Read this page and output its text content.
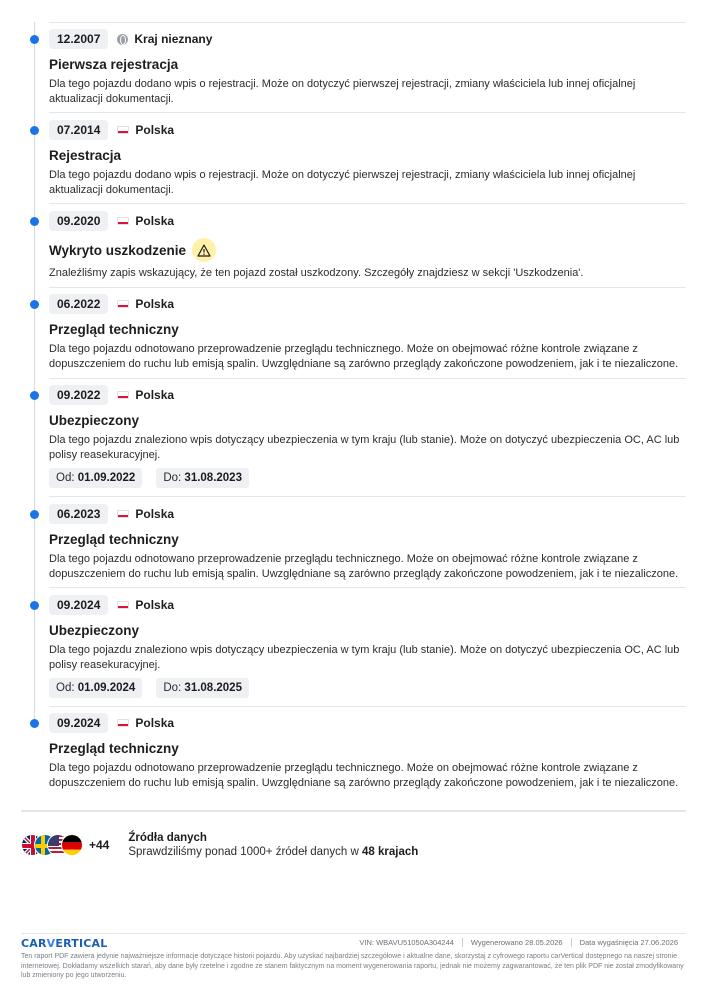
12.2007	Kraj nieznany
Pierwsza rejestracja
Dla tego pojazdu dodano wpis o rejestracji. Może on dotyczyć pierwszej rejestracji, zmiany właściciela lub innej oficjalnej aktualizacji dokumentacji.
07.2014	Polska
Rejestracja
Dla tego pojazdu dodano wpis o rejestracji. Może on dotyczyć pierwszej rejestracji, zmiany właściciela lub innej oficjalnej aktualizacji dokumentacji.
09.2020	Polska
Wykryto uszkodzenie
Znaleźliśmy zapis wskazujący, że ten pojazd został uszkodzony. Szczegóły znajdziesz w sekcji 'Uszkodzenia'.
06.2022	Polska
Przegląd techniczny
Dla tego pojazdu odnotowano przeprowadzenie przeglądu technicznego. Może on obejmować różne kontrole związane z dopuszczeniem do ruchu lub emisją spalin. Uwzględniane są zarówno przeglądy zakończone powodzeniem, jak i te niezaliczone.
09.2022	Polska
Ubezpieczony
Dla tego pojazdu znaleziono wpis dotyczący ubezpieczenia w tym kraju (lub stanie). Może on dotyczyć ubezpieczenia OC, AC lub polisy reasekuracyjnej.
Od: 01.09.2022	Do: 31.08.2023
06.2023	Polska
Przegląd techniczny
Dla tego pojazdu odnotowano przeprowadzenie przeglądu technicznego. Może on obejmować różne kontrole związane z dopuszczeniem do ruchu lub emisją spalin. Uwzględniane są zarówno przeglądy zakończone powodzeniem, jak i te niezaliczone.
09.2024	Polska
Ubezpieczony
Dla tego pojazdu znaleziono wpis dotyczący ubezpieczenia w tym kraju (lub stanie). Może on dotyczyć ubezpieczenia OC, AC lub polisy reasekuracyjnej.
Od: 01.09.2024	Do: 31.08.2025
09.2024	Polska
Przegląd techniczny
Dla tego pojazdu odnotowano przeprowadzenie przeglądu technicznego. Może on obejmować różne kontrole związane z dopuszczeniem do ruchu lub emisją spalin. Uwzględniane są zarówno przeglądy zakończone powodzeniem, jak i te niezaliczone.
+44 Źródła danych
Sprawdziliśmy ponad 1000+ źródeł danych w 48 krajach
CARVERTICAL	VIN: WBAVU51050A304244	Wygenerowano 28.05.2026	Data wygaśnięcia 27.06.2026
Ten raport PDF zawiera jedynie najważniejsze informacje dotyczące historii pojazdu. Aby uzyskać najbardziej szczegółowe i aktualne dane, skorzystaj z cyfrowego raportu carVertical dostępnego na naszej stronie internetowej. Dokładamy wszelkich starań, aby dane były rzetelne i zgodne ze stanem faktycznym na moment wygenerowania raportu, jednak nie możemy zagwarantować, że ten plik PDF nie został zmodyfikowany lub zmieniony po jego utworzeniu.
